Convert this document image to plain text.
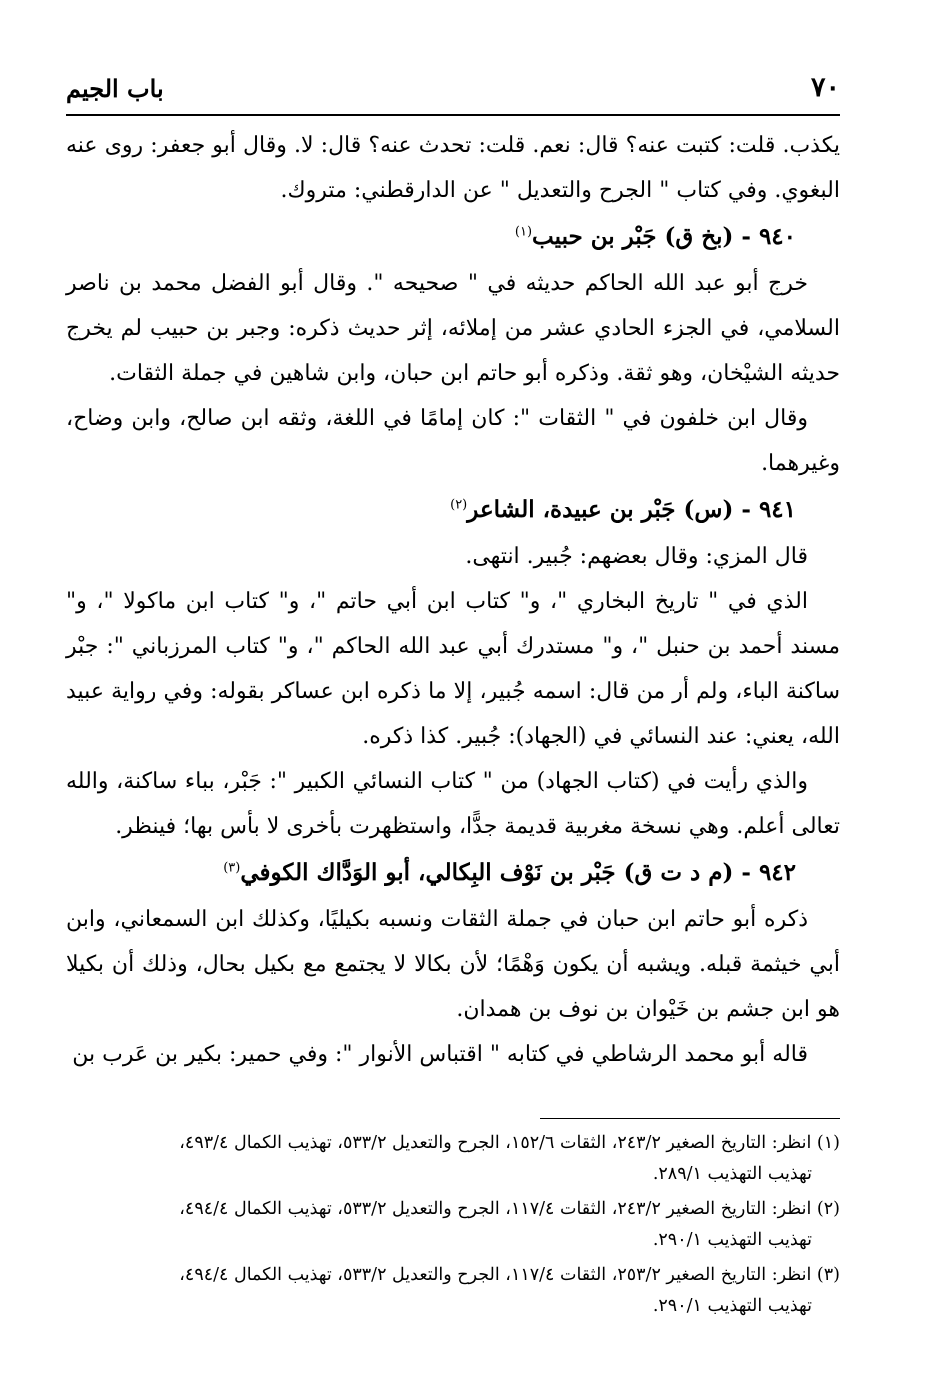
٧٠
باب الجيم

يكذب. قلت: كتبت عنه؟ قال: نعم. قلت: تحدث عنه؟ قال: لا. وقال أبو جعفر: روى عنه البغوي. وفي كتاب " الجرح والتعديل " عن الدارقطني: متروك.

٩٤٠ - (بخ ق) جَبْر بن حبيب$^{(١)}$

خرج أبو عبد الله الحاكم حديثه في " صحيحه ". وقال أبو الفضل محمد بن ناصر السلامي، في الجزء الحادي عشر من إملائه، إثر حديث ذكره: وجبر بن حبيب لم يخرج حديثه الشيْخان، وهو ثقة. وذكره أبو حاتم ابن حبان، وابن شاهين في جملة الثقات.

وقال ابن خلفون في " الثقات ": كان إمامًا في اللغة، وثقه ابن صالح، وابن وضاح، وغيرهما.

٩٤١ - (س) جَبْر بن عبيدة، الشاعر$^{(٢)}$

قال المزي: وقال بعضهم: جُبير. انتهى.

الذي في " تاريخ البخاري "، و" كتاب ابن أبي حاتم "، و" كتاب ابن ماكولا "، و" مسند أحمد بن حنبل "، و" مستدرك أبي عبد الله الحاكم "، و" كتاب المرزباني ": جبْر ساكنة الباء، ولم أر من قال: اسمه جُبير، إلا ما ذكره ابن عساكر بقوله: وفي رواية عبيد الله، يعني: عند النسائي في (الجهاد): جُبير. كذا ذكره.

والذي رأيت في (كتاب الجهاد) من " كتاب النسائي الكبير ": جَبْر، بباء ساكنة، والله تعالى أعلم. وهي نسخة مغربية قديمة جدًّا، واستظهرت بأخرى لا بأس بها؛ فينظر.

٩٤٢ - (م د ت ق) جَبْر بن نَوْف البِكالي، أبو الوَدَّاك الكوفي$^{(٣)}$

ذكره أبو حاتم ابن حبان في جملة الثقات ونسبه بكيليًا، وكذلك ابن السمعاني، وابن أبي خيثمة قبله. ويشبه أن يكون وَهْمًا؛ لأن بكالا لا يجتمع مع بكيل بحال، وذلك أن بكيلا هو ابن جشم بن خَيْوان بن نوف بن همدان.

قاله أبو محمد الرشاطي في كتابه " اقتباس الأنوار ": وفي حمير: بكير بن عَرب بن

(١) انظر: التاريخ الصغير ٢٤٣/٢، الثقات ١٥٢/٦، الجرح والتعديل ٥٣٣/٢، تهذيب الكمال ٤٩٣/٤،
تهذيب التهذيب ٢٨٩/١.

(٢) انظر: التاريخ الصغير ٢٤٣/٢، الثقات ١١٧/٤، الجرح والتعديل ٥٣٣/٢، تهذيب الكمال ٤٩٤/٤،
تهذيب التهذيب ٢٩٠/١.

(٣) انظر: التاريخ الصغير ٢٥٣/٢، الثقات ١١٧/٤، الجرح والتعديل ٥٣٣/٢، تهذيب الكمال ٤٩٤/٤،
تهذيب التهذيب ٢٩٠/١.
